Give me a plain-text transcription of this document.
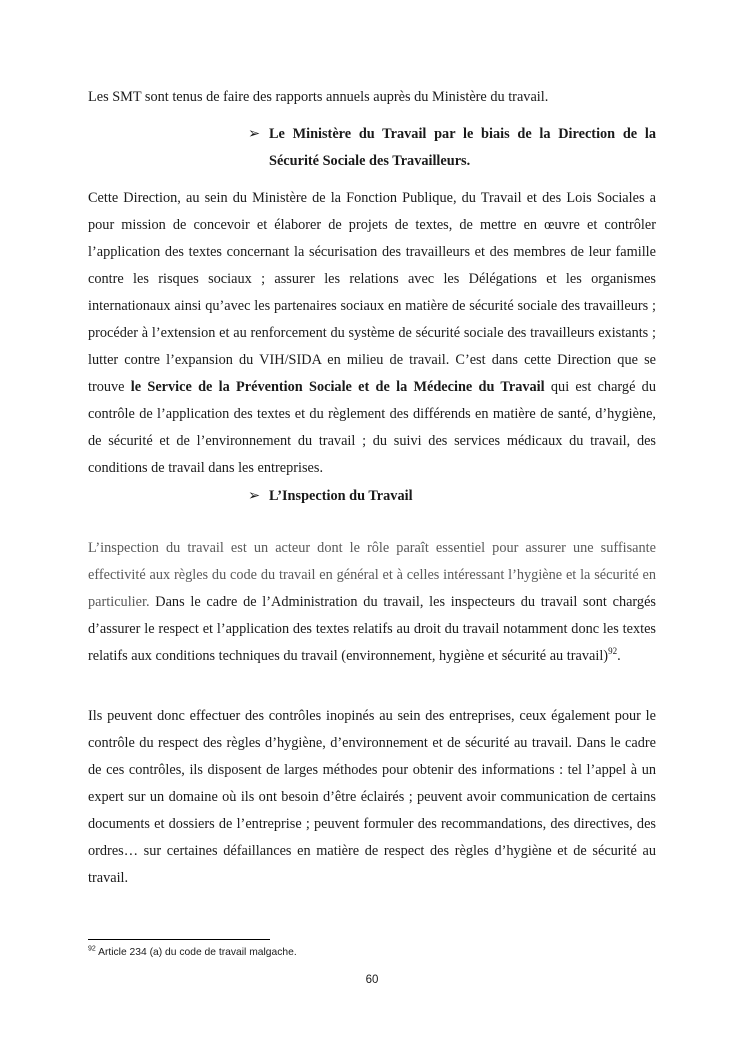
Les SMT sont tenus de faire des rapports annuels auprès du Ministère du travail.

➢ Le Ministère du Travail par le biais de la Direction de la Sécurité Sociale des Travailleurs.

Cette Direction, au sein du Ministère de la Fonction Publique, du Travail et des Lois Sociales a pour mission de concevoir et élaborer de projets de textes, de mettre en œuvre et contrôler l’application des textes concernant la sécurisation des travailleurs et des membres de leur famille contre les risques sociaux ; assurer les relations avec les Délégations et les organismes internationaux ainsi qu’avec les partenaires sociaux en matière de sécurité sociale des travailleurs ; procéder à l’extension et au renforcement du système de sécurité sociale des travailleurs existants ; lutter contre l’expansion du VIH/SIDA en milieu de travail. C’est dans cette Direction que se trouve le Service de la Prévention Sociale et de la Médecine du Travail qui est chargé du contrôle de l’application des textes et du règlement des différends en matière de santé, d’hygiène, de sécurité et de l’environnement du travail ; du suivi des services médicaux du travail, des conditions de travail dans les entreprises.

➢ L’Inspection du Travail

L’inspection du travail est un acteur dont le rôle paraît essentiel pour assurer une suffisante effectivité aux règles du code du travail en général et à celles intéressant l’hygiène et la sécurité en particulier. Dans le cadre de l’Administration du travail, les inspecteurs du travail sont chargés d’assurer le respect et l’application des textes relatifs au droit du travail notamment donc les textes relatifs aux conditions techniques du travail (environnement, hygiène et sécurité au travail)$^{92}$.

Ils peuvent donc effectuer des contrôles inopinés au sein des entreprises, ceux également pour le contrôle du respect des règles d’hygiène, d’environnement et de sécurité au travail. Dans le cadre de ces contrôles, ils disposent de larges méthodes pour obtenir des informations : tel l’appel à un expert sur un domaine où ils ont besoin d’être éclairés ; peuvent avoir communication de certains documents et dossiers de l’entreprise ; peuvent formuler des recommandations, des directives, des ordres… sur certaines défaillances en matière de respect des règles d’hygiène et de sécurité au travail.

$^{92}$ Article 234 (a) du code de travail malgache.
60
